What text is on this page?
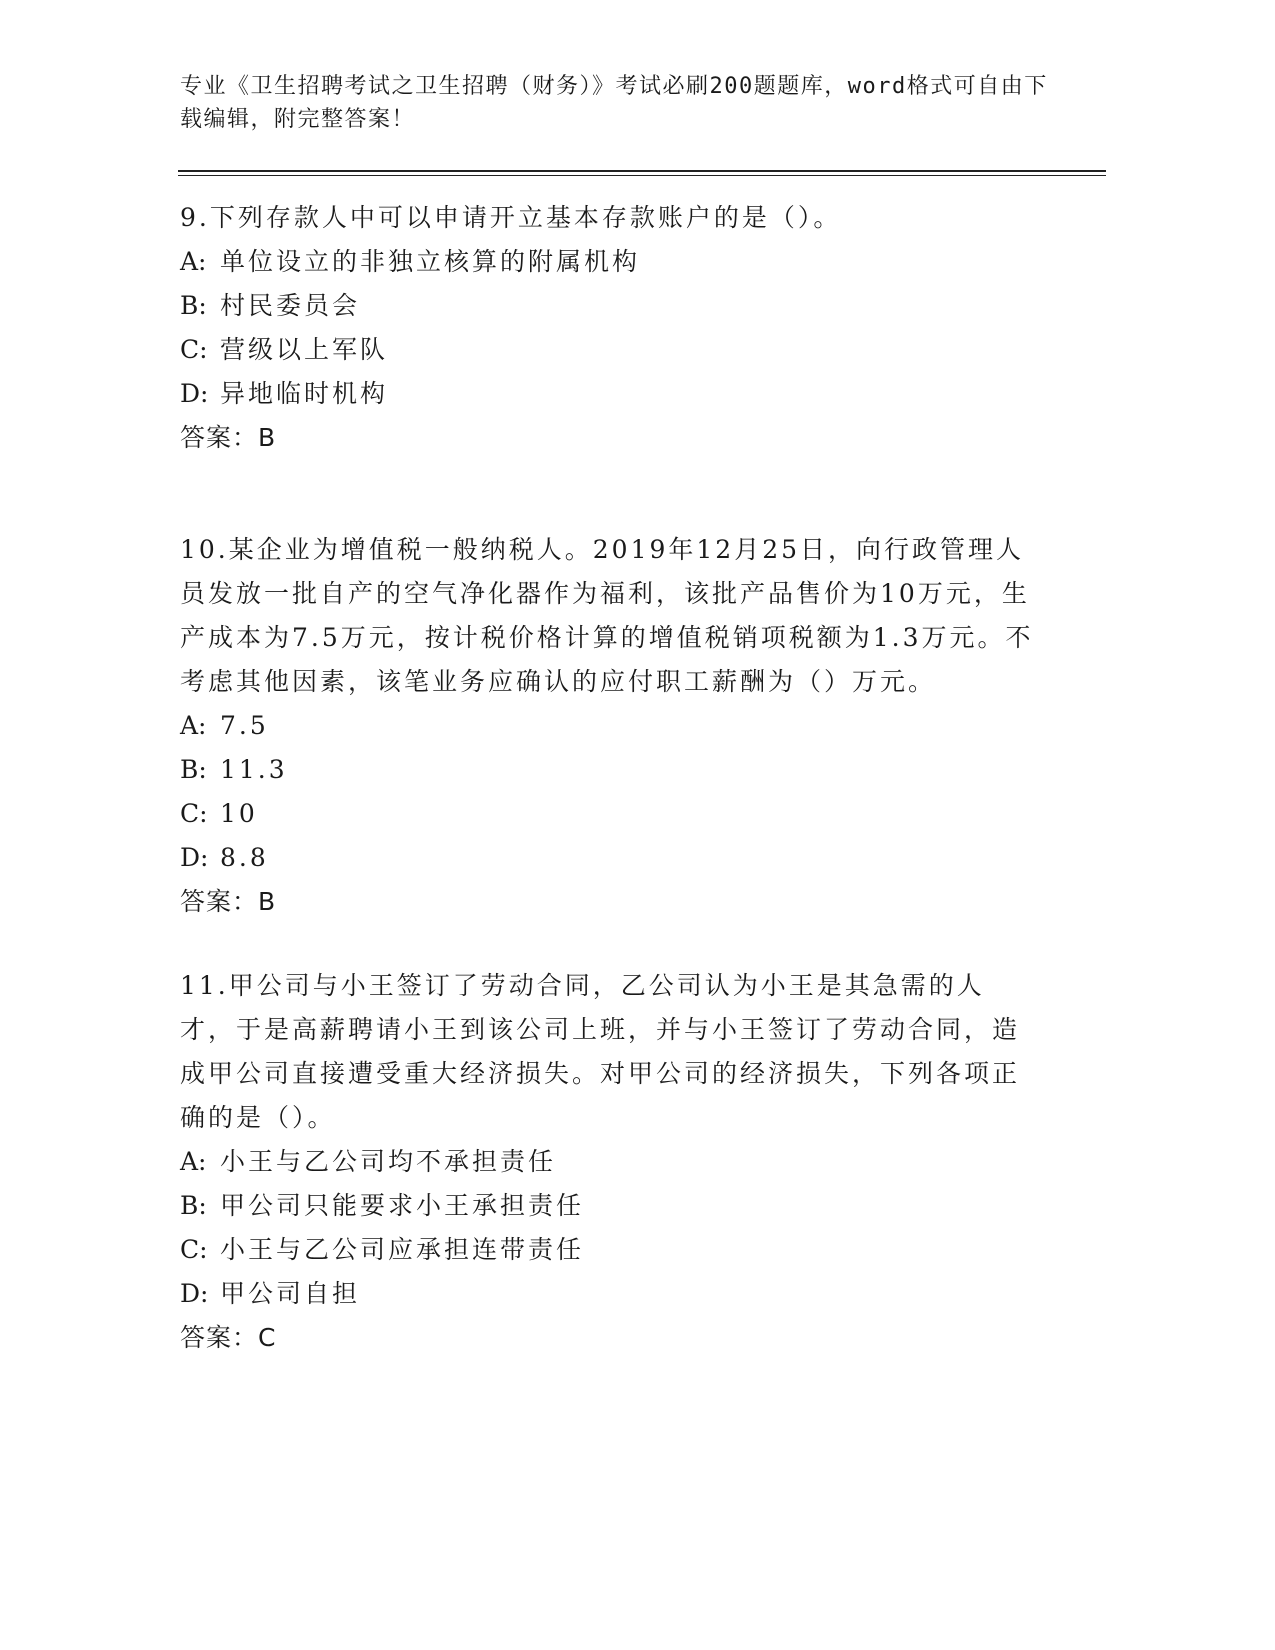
专业《卫生招聘考试之卫生招聘（财务）》考试必刷200题题库，word格式可自由下载编辑，附完整答案！

9.下列存款人中可以申请开立基本存款账户的是（）。

A: 单位设立的非独立核算的附属机构

B: 村民委员会

C: 营级以上军队

D: 异地临时机构

答案：B

10.某企业为增值税一般纳税人。2019年12月25日，向行政管理人员发放一批自产的空气净化器作为福利，该批产品售价为10万元，生产成本为7.5万元，按计税价格计算的增值税销项税额为1.3万元。不考虑其他因素，该笔业务应确认的应付职工薪酬为（）万元。

A: 7.5

B: 11.3

C: 10

D: 8.8

答案：B

11.甲公司与小王签订了劳动合同，乙公司认为小王是其急需的人才，于是高薪聘请小王到该公司上班，并与小王签订了劳动合同，造成甲公司直接遭受重大经济损失。对甲公司的经济损失，下列各项正确的是（）。

A: 小王与乙公司均不承担责任

B: 甲公司只能要求小王承担责任

C: 小王与乙公司应承担连带责任

D: 甲公司自担

答案：C
